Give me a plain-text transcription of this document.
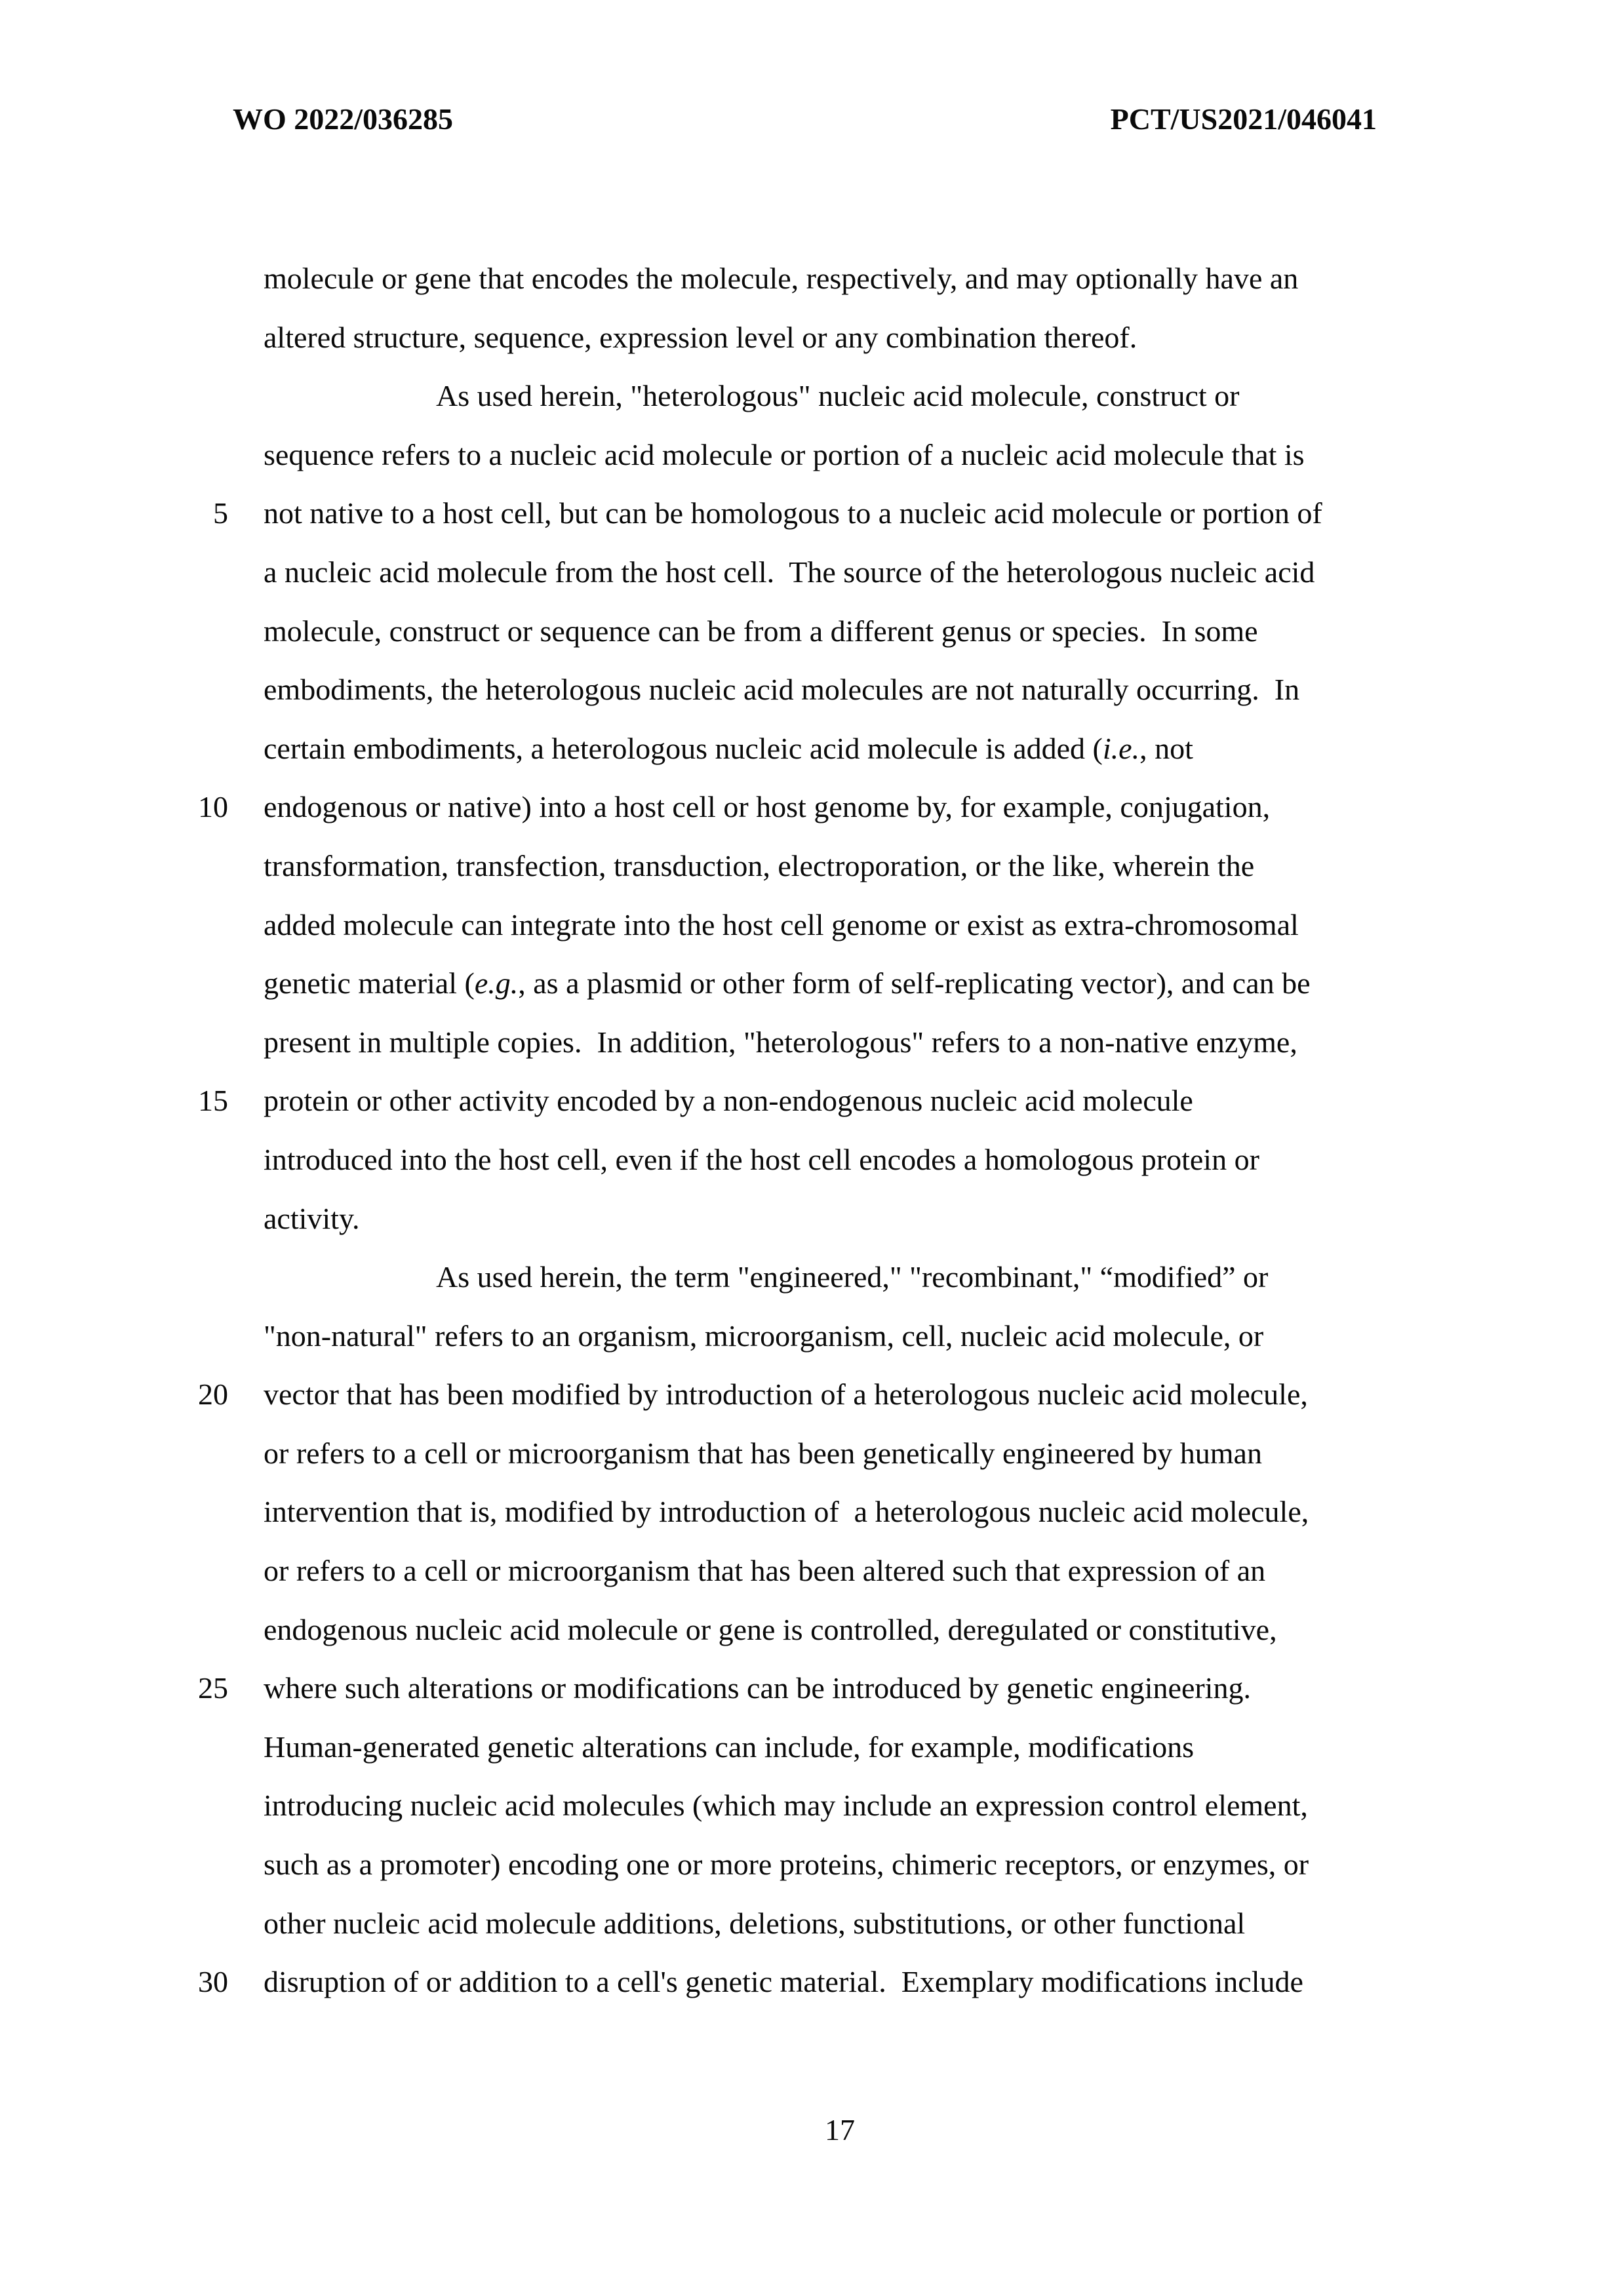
WO 2022/036285	PCT/US2021/046041
molecule or gene that encodes the molecule, respectively, and may optionally have an
altered structure, sequence, expression level or any combination thereof.
As used herein, "heterologous" nucleic acid molecule, construct or
sequence refers to a nucleic acid molecule or portion of a nucleic acid molecule that is
5 not native to a host cell, but can be homologous to a nucleic acid molecule or portion of
a nucleic acid molecule from the host cell.  The source of the heterologous nucleic acid
molecule, construct or sequence can be from a different genus or species.  In some
embodiments, the heterologous nucleic acid molecules are not naturally occurring.  In
certain embodiments, a heterologous nucleic acid molecule is added (i.e., not
10 endogenous or native) into a host cell or host genome by, for example, conjugation,
transformation, transfection, transduction, electroporation, or the like, wherein the
added molecule can integrate into the host cell genome or exist as extra-chromosomal
genetic material (e.g., as a plasmid or other form of self-replicating vector), and can be
present in multiple copies.  In addition, "heterologous" refers to a non-native enzyme,
15 protein or other activity encoded by a non-endogenous nucleic acid molecule
introduced into the host cell, even if the host cell encodes a homologous protein or
activity.
As used herein, the term "engineered," "recombinant," “modified” or
"non-natural" refers to an organism, microorganism, cell, nucleic acid molecule, or
20 vector that has been modified by introduction of a heterologous nucleic acid molecule,
or refers to a cell or microorganism that has been genetically engineered by human
intervention that is, modified by introduction of  a heterologous nucleic acid molecule,
or refers to a cell or microorganism that has been altered such that expression of an
endogenous nucleic acid molecule or gene is controlled, deregulated or constitutive,
25 where such alterations or modifications can be introduced by genetic engineering.
Human-generated genetic alterations can include, for example, modifications
introducing nucleic acid molecules (which may include an expression control element,
such as a promoter) encoding one or more proteins, chimeric receptors, or enzymes, or
other nucleic acid molecule additions, deletions, substitutions, or other functional
30 disruption of or addition to a cell's genetic material.  Exemplary modifications include
17
